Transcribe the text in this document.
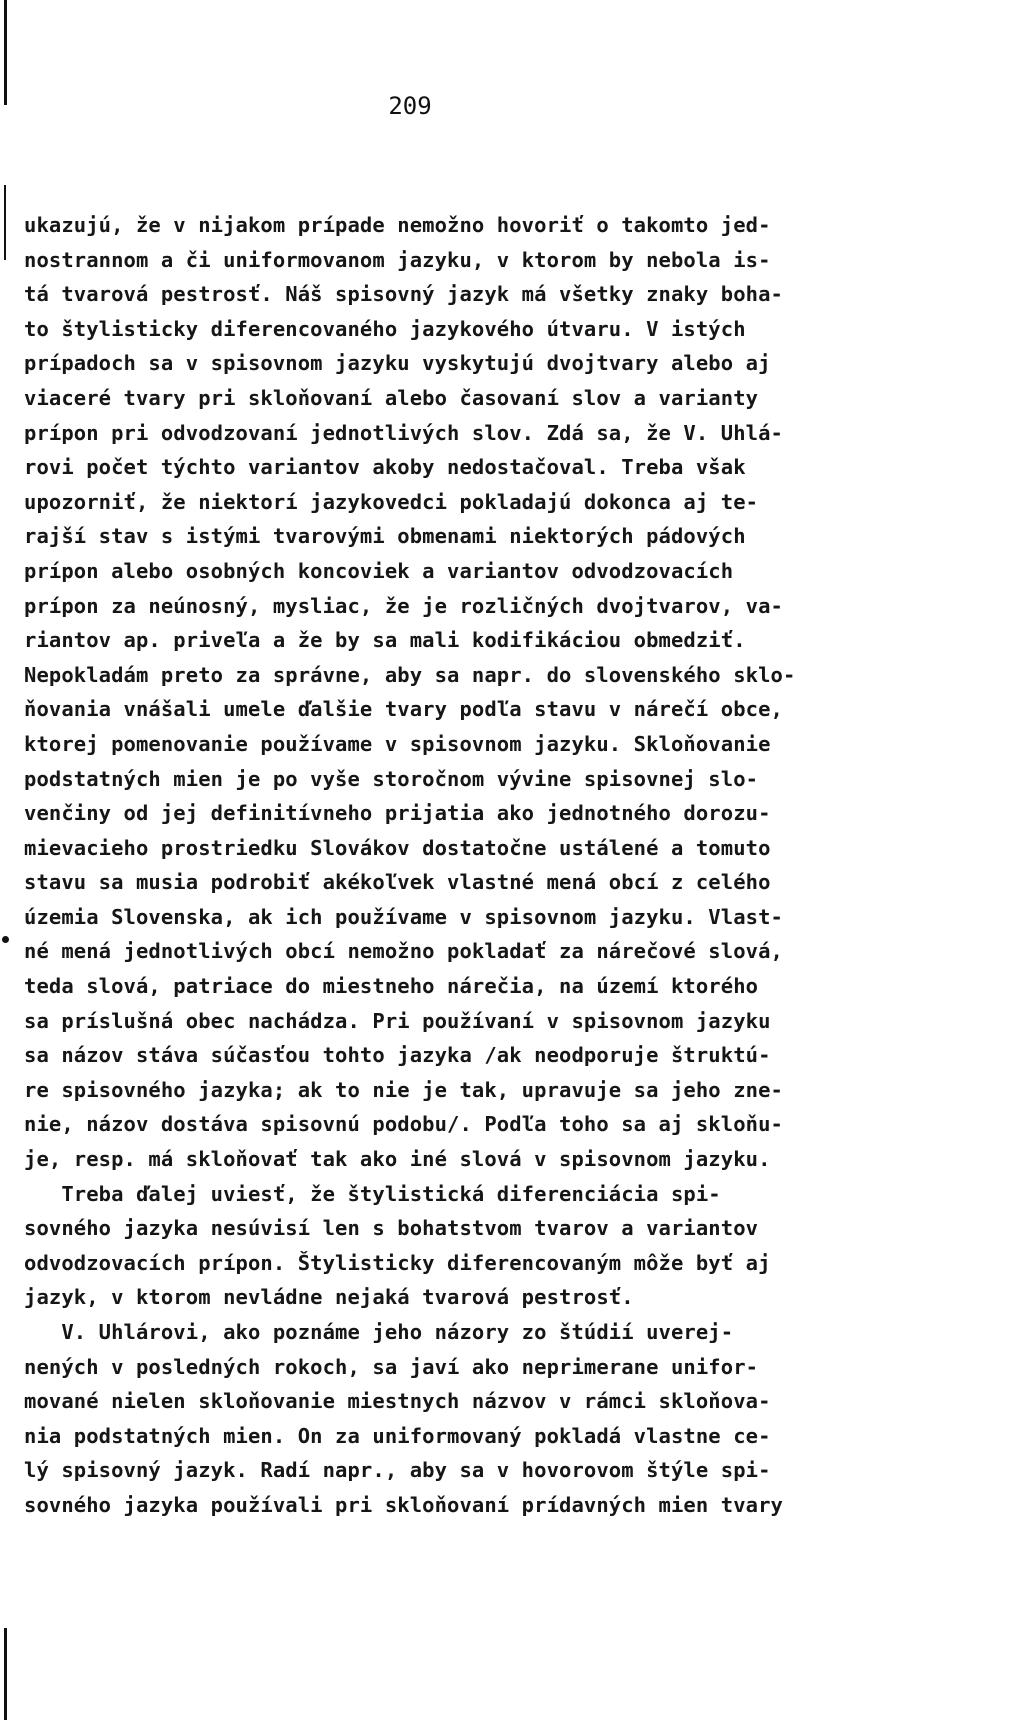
209
ukazujú, že v nijakom prípade nemožno hovoriť o takomto jed-
nostrannom a či uniformovanom jazyku, v ktorom by nebola is-
tá tvarová pestrosť. Náš spisovný jazyk má všetky znaky boha-
to štylisticky diferencovaného jazykového útvaru. V istých
prípadoch sa v spisovnom jazyku vyskytujú dvojtvary alebo aj
viaceré tvary pri skloňovaní alebo časovaní slov a varianty
prípon pri odvodzovaní jednotlivých slov. Zdá sa, že V. Uhlá-
rovi počet týchto variantov akoby nedostačoval. Treba však
upozorniť, že niektorí jazykovedci pokladajú dokonca aj te-
rajší stav s istými tvarovými obmenami niektorých pádových
prípon alebo osobných koncoviek a variantov odvodzovacích
prípon za neúnosný, mysliac, že je rozličných dvojtvarov, va-
riantov ap. priveľa a že by sa mali kodifikáciou obmedziť.
Nepokladám preto za správne, aby sa napr. do slovenského sklo-
ňovania vnášali umele ďalšie tvary podľa stavu v nárečí obce,
ktorej pomenovanie používame v spisovnom jazyku. Skloňovanie
podstatných mien je po vyše storočnom vývine spisovnej slo-
venčiny od jej definitívneho prijatia ako jednotného dorozu-
mievacieho prostriedku Slovákov dostatočne ustálené a tomuto
stavu sa musia podrobiť akékoľvek vlastné mená obcí z celého
územia Slovenska, ak ich používame v spisovnom jazyku. Vlast-
né mená jednotlivých obcí nemožno pokladať za nárečové slová,
teda slová, patriace do miestneho nárečia, na území ktorého
sa príslušná obec nachádza. Pri používaní v spisovnom jazyku
sa názov stáva súčasťou tohto jazyka /ak neodporuje štruktú-
re spisovného jazyka; ak to nie je tak, upravuje sa jeho zne-
nie, názov dostáva spisovnú podobu/. Podľa toho sa aj skloňu-
je, resp. má skloňovať tak ako iné slová v spisovnom jazyku.
Treba ďalej uviesť, že štylistická diferenciácia spi-
sovného jazyka nesúvisí len s bohatstvom tvarov a variantov
odvodzovacích prípon. Štylisticky diferencovaným môže byť aj
jazyk, v ktorom nevládne nejaká tvarová pestrosť.
V. Uhlárovi, ako poznáme jeho názory zo štúdií uverej-
nených v posledných rokoch, sa javí ako neprimerane unifor-
mované nielen skloňovanie miestnych názvov v rámci skloňova-
nia podstatných mien. On za uniformovaný pokladá vlastne ce-
lý spisovný jazyk. Radí napr., aby sa v hovorovom štýle spi-
sovného jazyka používali pri skloňovaní prídavných mien tvary
